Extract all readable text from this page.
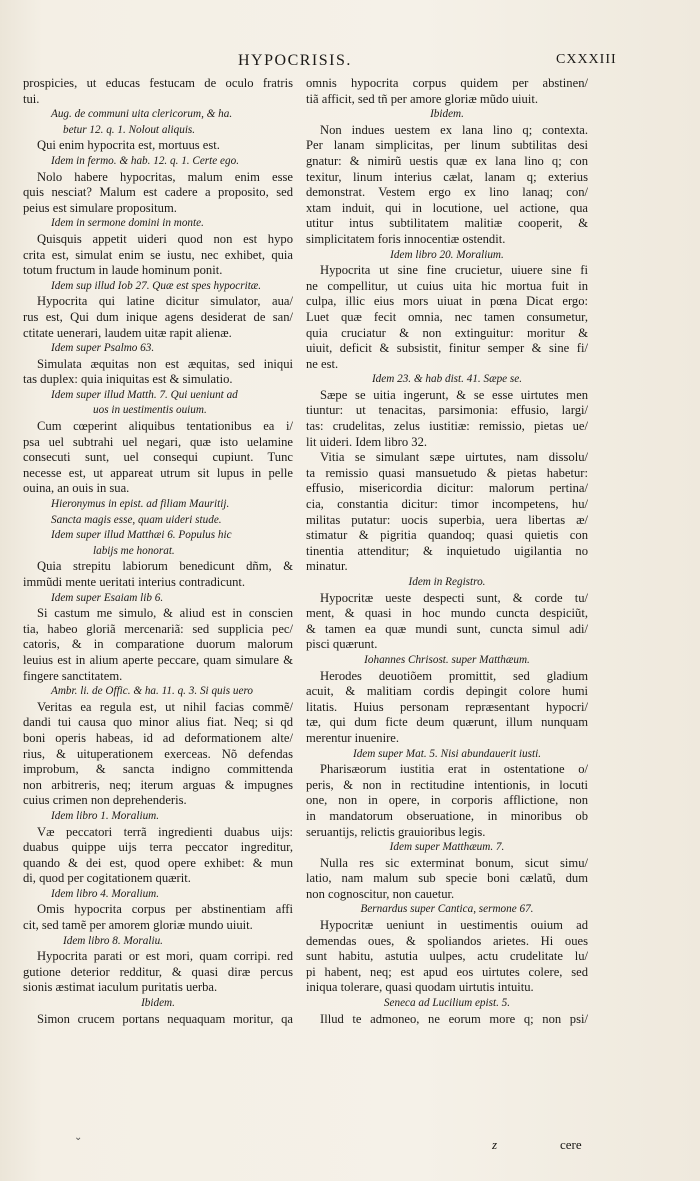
HYPOCRISIS.	CXXXIII
prospicies, ut educas festucam de oculo fratris
tui.
Aug. de communi uita clericorum, & ha.
betur 12. q. 1. Nolout aliquis.
Qui enim hypocrita est, mortuus est.
Idem in fermo. & hab. 12. q. 1. Certe ego.
Nolo habere hypocritas, malum enim esse
quis nesciat? Malum est cadere a proposito, sed
peius est simulare propositum.
Idem in sermone domini in monte.
Quisquis appetit uideri quod non est hypo
crita est, simulat enim se iustu, nec exhibet, quia
totum fructum in laude hominum ponit.
Idem sup illud Iob 27. Quæ est spes hypocritæ.
Hypocrita qui latine dicitur simulator, aua/
rus est, Qui dum inique agens desiderat de san/
ctitate uenerari, laudem uitæ rapit alienæ.
Idem super Psalmo 63.
Simulata æquitas non est æquitas, sed iniqui
tas duplex: quia iniquitas est & simulatio.
Idem super illud Matth. 7. Qui ueniunt ad
uos in uestimentis ouium.
Cum cœperint aliquibus tentationibus ea i/
psa uel subtrahi uel negari, quæ isto uelamine
consecuti sunt, uel consequi cupiunt. Tunc
necesse est, ut appareat utrum sit lupus in pelle
ouina, an ouis in sua.
Hieronymus in epist. ad filiam Mauritij.
Sancta magis esse, quam uideri stude.
Idem super illud Matthæi 6. Populus hic
labijs me honorat.
Quia strepitu labiorum benedicunt dñm, &
immũdi mente ueritati interius contradicunt.
Idem super Esaiam lib 6.
Si castum me simulo, & aliud est in conscien
tia, habeo gloriã mercenariã: sed supplicia pec/
catoris, & in comparatione duorum malorum
leuius est in alium aperte peccare, quam simulare &
fingere sanctitatem.
Ambr. li. de Offic. & ha. 11. q. 3. Si quis uero
Veritas ea regula est, ut nihil facias commẽ/
dandi tui causa quo minor alius fiat. Neq; si qd
boni operis habeas, id ad deformationem alte/
rius, & uituperationem exerceas. Nõ defendas
improbum, & sancta indigno committenda
non arbitreris, neq; iterum arguas & impugnes
cuius crimen non deprehenderis.
Idem libro 1. Moralium.
Væ peccatori terrã ingredienti duabus uijs:
duabus quippe uijs terra peccator ingreditur,
quando & dei est, quod opere exhibet: & mun
di, quod per cogitationem quærit.
Idem libro 4. Moralium.
Omis hypocrita corpus per abstinentiam affi
cit, sed tamẽ per amorem gloriæ mundo uiuit.
Idem libro 8. Moraliu.
Hypocrita parati or est mori, quam corripi. red
gutione deterior redditur, & quasi diræ percus
sionis æstimat iaculum puritatis uerba.
Ibidem.
Simon crucem portans nequaquam moritur, qa
omnis hypocrita corpus quidem per abstinen/
tiã afficit, sed tñ per amore gloriæ mũdo uiuit.
Ibidem.
Non indues uestem ex lana lino q; contexta.
Per lanam simplicitas, per linum subtilitas desi
gnatur: & nimirũ uestis quæ ex lana lino q; con
texitur, linum interius cælat, lanam q; exterius
demonstrat. Vestem ergo ex lino lanaq; con/
xtam induit, qui in locutione, uel actione, qua
utitur intus subtilitatem malitiæ cooperit, &
simplicitatem foris innocentiæ ostendit.
Idem libro 20. Moralium.
Hypocrita ut sine fine crucietur, uiuere sine fi
ne compellitur, ut cuius uita hic mortua fuit in
culpa, illic eius mors uiuat in pœna Dicat ergo:
Luet quæ fecit omnia, nec tamen consumetur,
quia cruciatur & non extinguitur: moritur &
uiuit, deficit & subsistit, finitur semper & sine fi/
ne est.
Idem 23. & hab dist. 41. Sæpe se.
Sæpe se uitia ingerunt, & se esse uirtutes men
tiuntur: ut tenacitas, parsimonia: effusio, largi/
tas: crudelitas, zelus iustitiæ: remissio, pietas ue/
lit uideri. Idem libro 32.
Vitia se simulant sæpe uirtutes, nam dissolu/
ta remissio quasi mansuetudo & pietas habetur:
effusio, misericordia dicitur: malorum pertina/
cia, constantia dicitur: timor incompetens, hu/
militas putatur: uocis superbia, uera libertas æ/
stimatur & pigritia quandoq; quasi quietis con
tinentia attenditur; & inquietudo uigilantia no
minatur.
Idem in Registro.
Hypocritæ ueste despecti sunt, & corde tu/
ment, & quasi in hoc mundo cuncta despiciũt,
& tamen ea quæ mundi sunt, cuncta simul adi/
pisci quærunt.
Iohannes Chrisost. super Matthæum.
Herodes deuotiõem promittit, sed gladium
acuit, & malitiam cordis depingit colore humi
litatis. Huius personam repræsentant hypocri/
tæ, qui dum ficte deum quærunt, illum nunquam
merentur inuenire.
Idem super Mat. 5. Nisi abundauerit iusti.
Pharisæorum iustitia erat in ostentatione o/
peris, & non in rectitudine intentionis, in locuti
one, non in opere, in corporis afflictione, non
in mandatorum obseruatione, in minoribus ob
seruantijs, relictis grauioribus legis.
Idem super Matthæum. 7.
Nulla res sic exterminat bonum, sicut simu/
latio, nam malum sub specie boni cælatũ, dum
non cognoscitur, non cauetur.
Bernardus super Cantica, sermone 67.
Hypocritæ ueniunt in uestimentis ouium ad
demendas oues, & spoliandos arietes. Hi oues
sunt habitu, astutia uulpes, actu crudelitate lu/
pi habent, neq; est apud eos uirtutes colere, sed
iniqua tolerare, quasi quodam uirtutis intuitu.
Seneca ad Lucilium epist. 5.
Illud te admoneo, ne eorum more q; non psi/
⌄	z	cere
